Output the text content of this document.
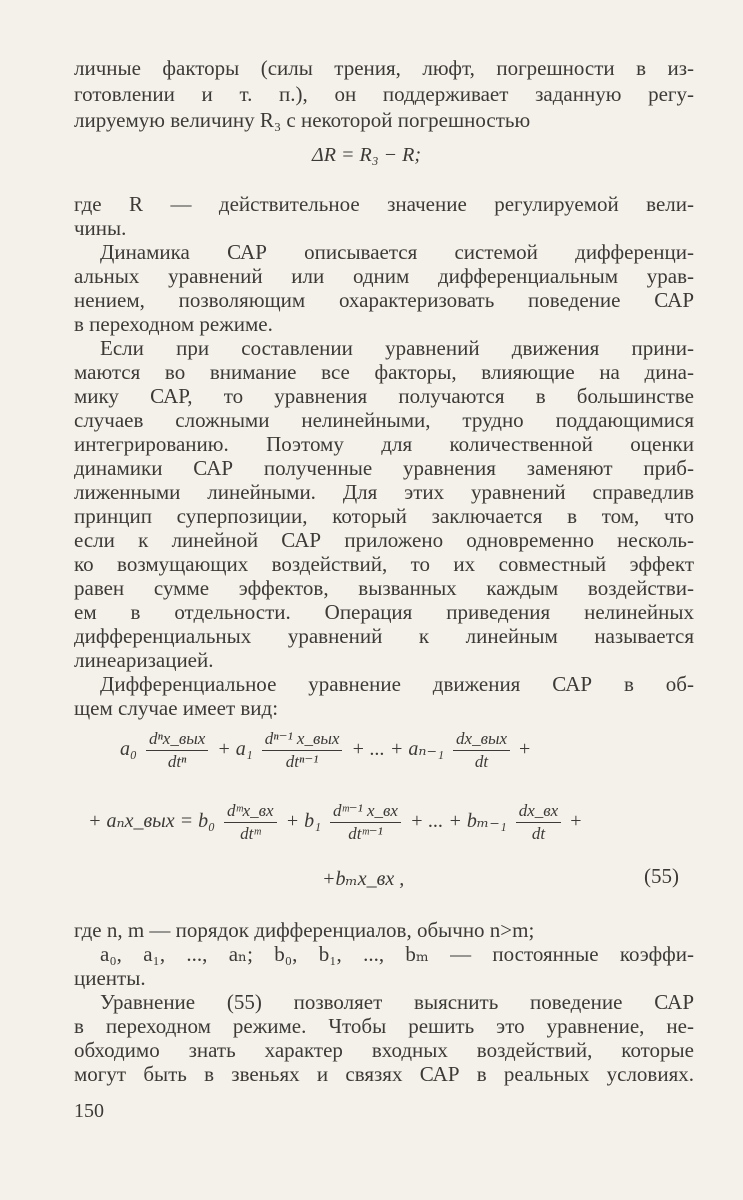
личные факторы (силы трения, люфт, погрешности в из-
готовлении и т. п.), он поддерживает заданную регу-
лируемую величину R₃ с некоторой погрешностью
ΔR = R₃ − R;
где R — действительное значение регулируемой вели-
чины.
Динамика САР описывается системой дифференци-
альных уравнений или одним дифференциальным урав-
нением, позволяющим охарактеризовать поведение САР
в переходном режиме.
Если при составлении уравнений движения прини-
маются во внимание все факторы, влияющие на дина-
мику САР, то уравнения получаются в большинстве
случаев сложными нелинейными, трудно поддающимися
интегрированию. Поэтому для количественной оценки
динамики САР полученные уравнения заменяют приб-
лиженными линейными. Для этих уравнений справедлив
принцип суперпозиции, который заключается в том, что
если к линейной САР приложено одновременно несколь-
ко возмущающих воздействий, то их совместный эффект
равен сумме эффектов, вызванных каждым воздействи-
ем в отдельности. Операция приведения нелинейных
дифференциальных уравнений к линейным называется
линеаризацией.
Дифференциальное уравнение движения САР в об-
щем случае имеет вид:
$a_0 \frac{\text{dⁿx\_вых}}{\text{dtⁿ}} + a_1 \frac{\text{dⁿ⁻¹ x\_вых}}{\text{dtⁿ⁻¹}}$ + ... + $a_{n-1} \frac{\text{dx\_вых}}{dt}$ +
+ aₙx_вых = $b_0 \frac{\text{dᵐx\_вх}}{\text{dtᵐ}} + b_1 \frac{\text{dᵐ⁻¹ x\_вх}}{\text{dtᵐ⁻¹}}$ + ... + $b_{m-1} \frac{dx\_вх}{dt}$ +
+bₘx_вх ,	(55)
где n, m — порядок дифференциалов, обычно n>m;
a₀, a₁, ..., aₙ; b₀, b₁, ..., bₘ — постоянные коэффи-
циенты.
Уравнение (55) позволяет выяснить поведение САР
в переходном режиме. Чтобы решить это уравнение, не-
обходимо знать характер входных воздействий, которые
могут быть в звеньях и связях САР в реальных условиях.
150
